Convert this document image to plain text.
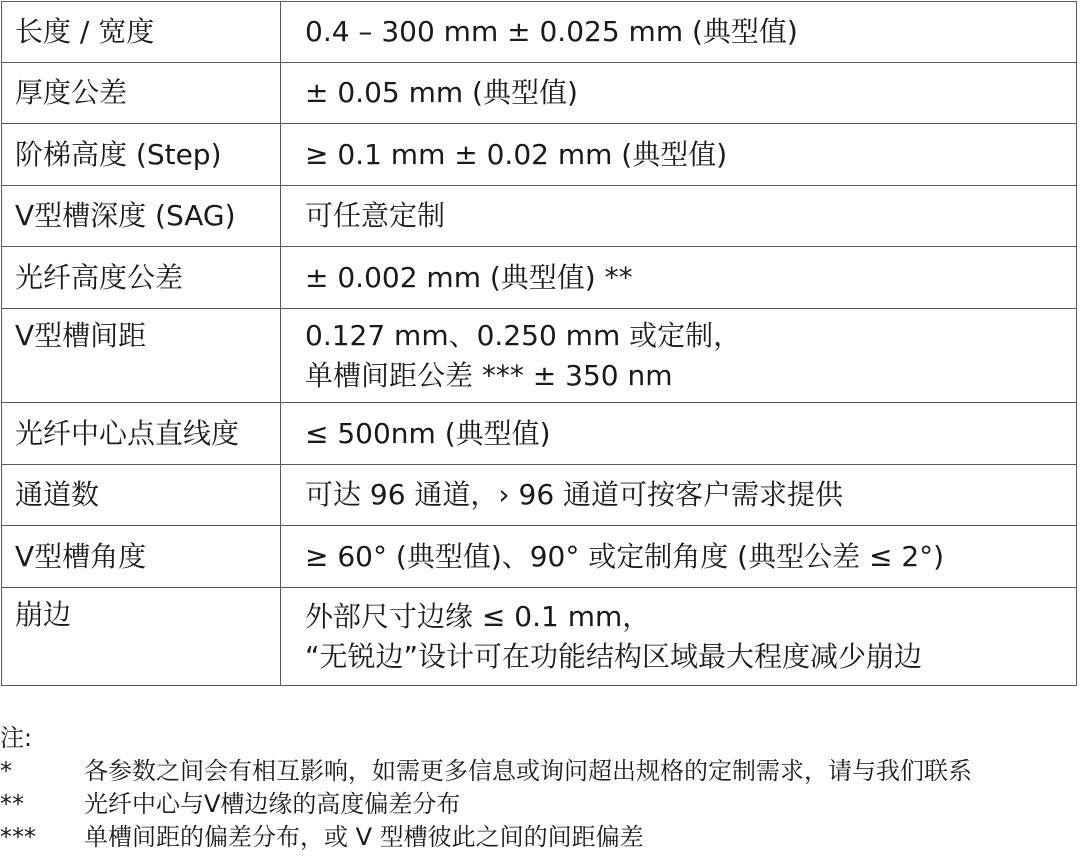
长度 / 宽度	0.4 – 300 mm ± 0.025 mm (典型值)
厚度公差	± 0.05 mm (典型值)
阶梯高度 (Step)	≥ 0.1 mm ± 0.02 mm (典型值)
V型槽深度 (SAG)	可任意定制
光纤高度公差	± 0.002 mm (典型值) **
V型槽间距	0.127 mm、0.250 mm 或定制，
单槽间距公差 *** ± 350 nm
光纤中心点直线度	≤ 500nm (典型值)
通道数	可达 96 通道，› 96 通道可按客户需求提供
V型槽角度	≥ 60° (典型值)、90° 或定制角度 (典型公差 ≤ 2°)
崩边	外部尺寸边缘 ≤ 0.1 mm，
“无锐边”设计可在功能结构区域最大程度减少崩边
注:
*	各参数之间会有相互影响，如需更多信息或询问超出规格的定制需求，请与我们联系
**	光纤中心与V槽边缘的高度偏差分布
***	单槽间距的偏差分布，或 V 型槽彼此之间的间距偏差
